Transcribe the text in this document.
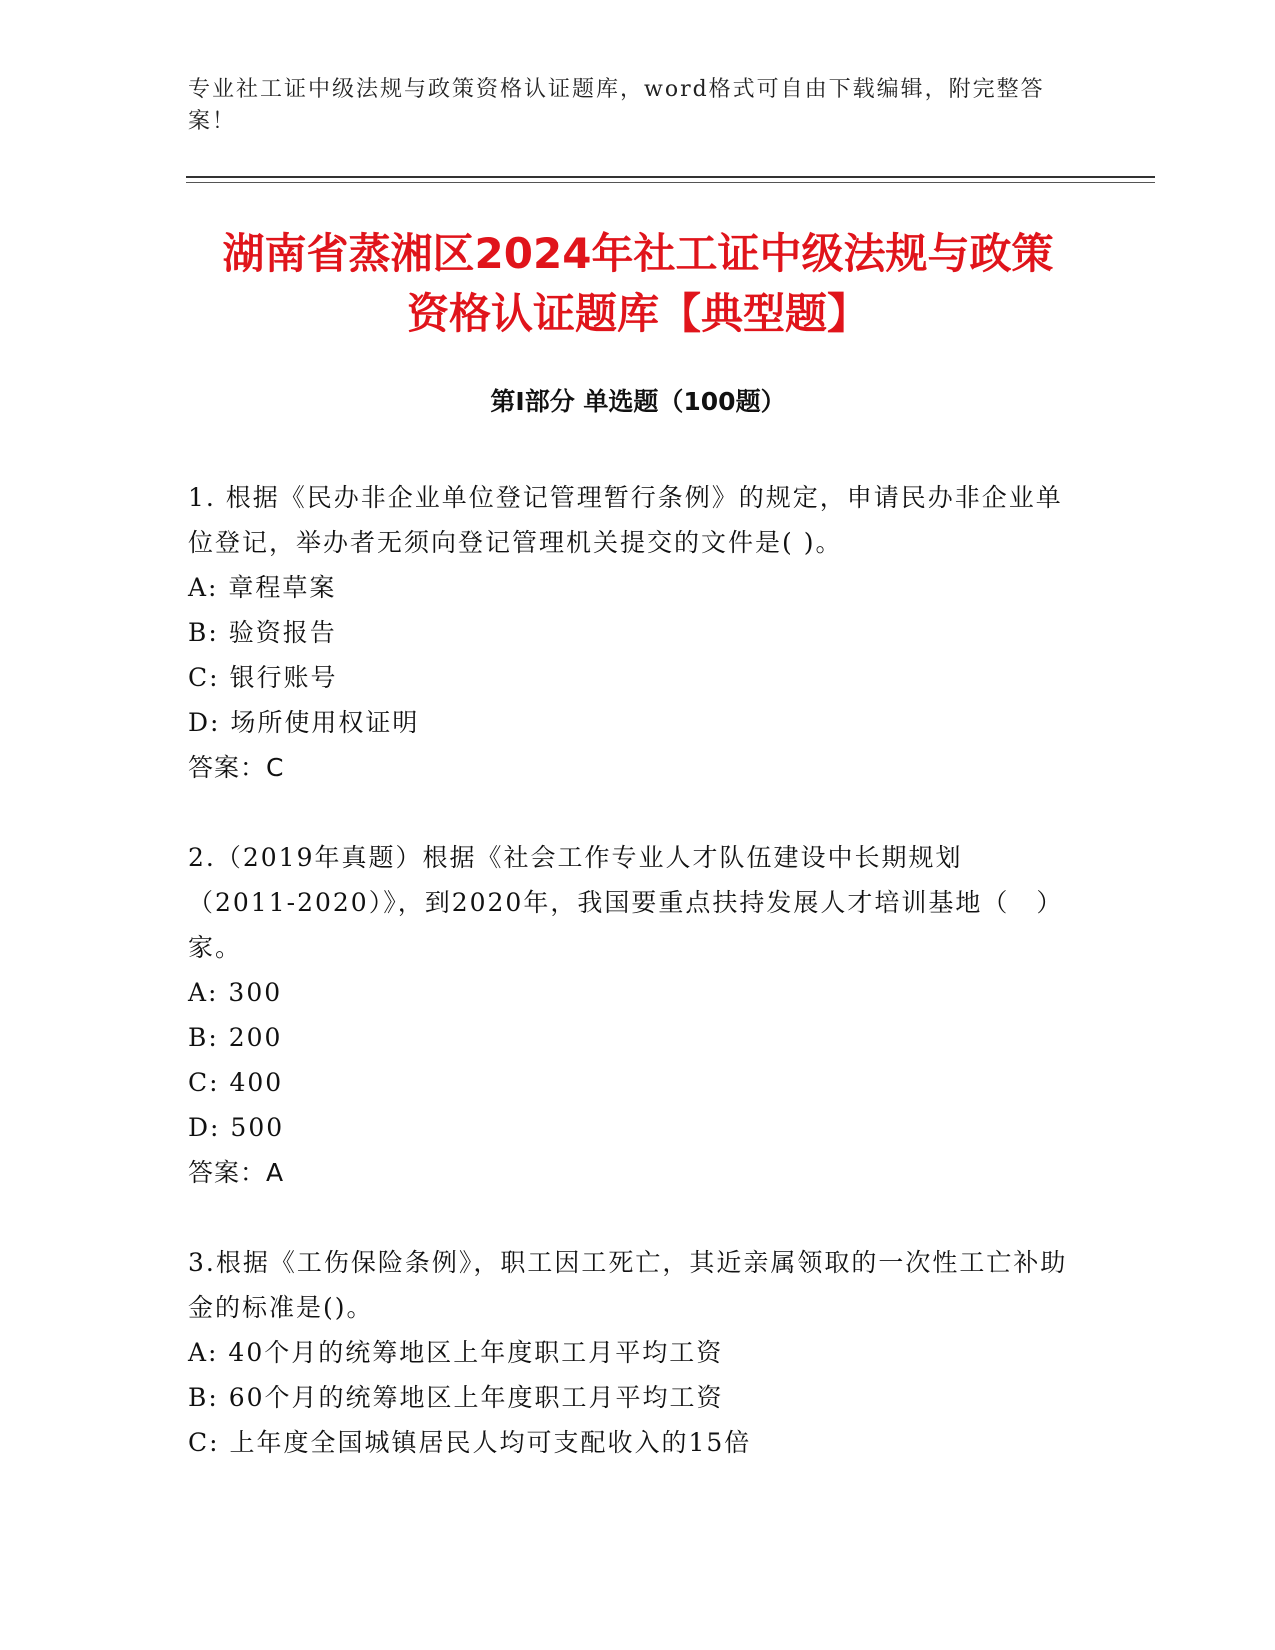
专业社工证中级法规与政策资格认证题库，word格式可自由下载编辑，附完整答案！
湖南省蒸湘区2024年社工证中级法规与政策
资格认证题库【典型题】
第Ⅰ部分 单选题（100题）

1. 根据《民办非企业单位登记管理暂行条例》的规定，申请民办非企业单位登记，举办者无须向登记管理机关提交的文件是( )。

A: 章程草案

B: 验资报告

C: 银行账号

D: 场所使用权证明

答案：C

2.（2019年真题）根据《社会工作专业人才队伍建设中长期规划（2011-2020）》，到2020年，我国要重点扶持发展人才培训基地（　）家。

A: 300

B: 200

C: 400

D: 500

答案：A

3.根据《工伤保险条例》，职工因工死亡，其近亲属领取的一次性工亡补助金的标准是()。

A: 40个月的统筹地区上年度职工月平均工资

B: 60个月的统筹地区上年度职工月平均工资

C: 上年度全国城镇居民人均可支配收入的15倍
